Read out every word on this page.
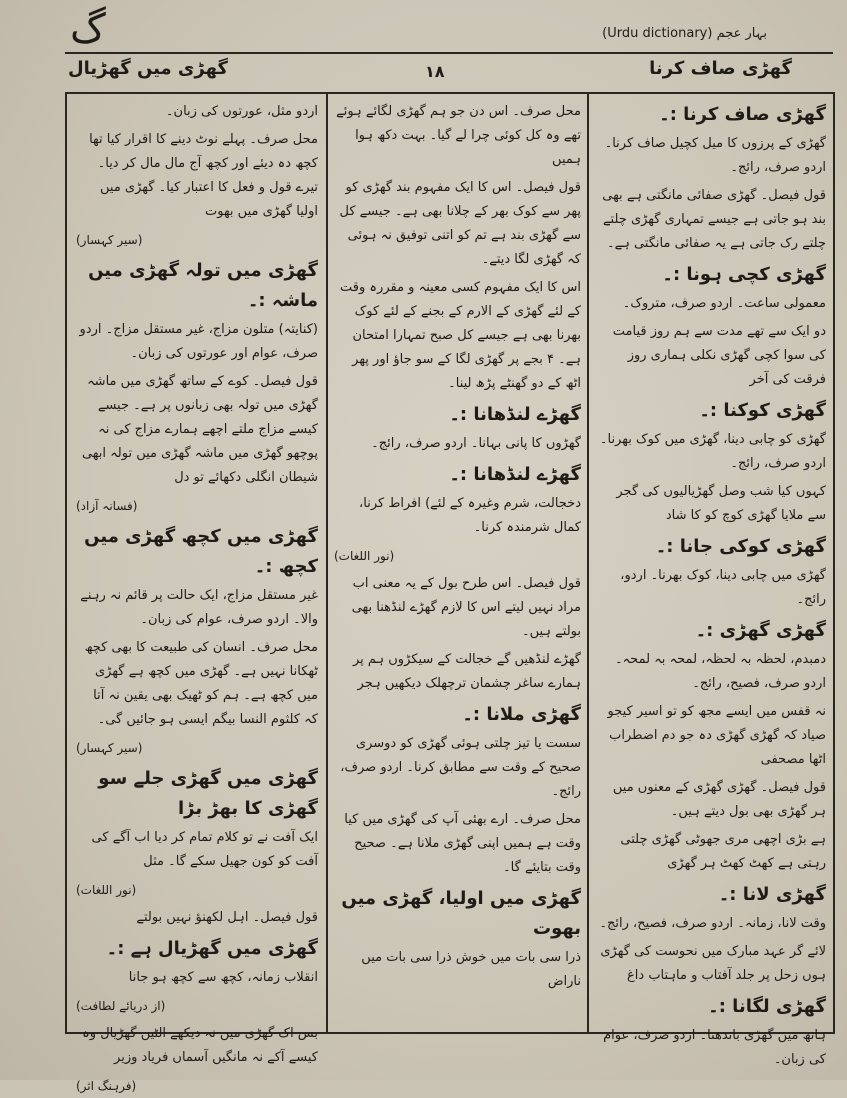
گ	بہار عجم (Urdu dictionary)
گھڑی صاف کرنا
١٨
گھڑی میں گھڑیال

گھڑی صاف کرنا :۔

گھڑی کے پرزوں کا میل کچیل صاف کرنا۔ اردو صرف، رائج۔

قول فیصل۔ گھڑی صفائی مانگتی ہے بھی بند ہو جاتی ہے جیسے تمہاری گھڑی چلتے چلتے رک جاتی ہے یہ صفائی مانگتی ہے۔

گھڑی کچی ہونا :۔

معمولی ساعت۔ اردو صرف، متروک۔

دو ایک سے تھے مدت سے ہم روز قیامت کی سوا کچی گھڑی نکلی ہماری روز فرقت کی آخر

گھڑی کوکنا :۔

گھڑی کو چابی دینا، گھڑی میں کوک بھرنا۔ اردو صرف، رائج۔

کہوں کیا شب وصل گھڑیالیوں کی گجر سے ملایا گھڑی کوچ کو کا شاد

گھڑی کوکی جانا :۔

گھڑی میں چابی دینا، کوک بھرنا۔ اردو، رائج۔

گھڑی گھڑی :۔

دمبدم، لحظہ بہ لحظہ، لمحہ بہ لمحہ۔ اردو صرف، فصیح، رائج۔

نہ قفس میں ایسے مجھ کو تو اسیر کیجو صیاد کہ گھڑی گھڑی دہ جو دم اضطراب اٹھا مصحفی

قول فیصل۔ گھڑی گھڑی کے معنوں میں ہر گھڑی بھی بول دیتے ہیں۔

ہے بڑی اچھی مری جھوٹی گھڑی چلتی رہتی ہے کھٹ کھٹ ہر گھڑی

گھڑی لانا :۔

وقت لانا، زمانہ۔ اردو صرف، فصیح، رائج۔

لائے گر عہد مبارک میں نحوست کی گھڑی ہوں زحل پر جلد آفتاب و ماہتاب داغ

گھڑی لگانا :۔

ہاتھ میں گھڑی باندھنا۔ اردو صرف، عوام کی زبان۔

محل صرف۔ اس دن جو ہم گھڑی لگائے ہوئے تھے وہ کل کوئی چرا لے گیا۔ بہت دکھ ہوا ہمیں

قول فیصل۔ اس کا ایک مفہوم بند گھڑی کو پھر سے کوک بھر کے چلانا بھی ہے۔ جیسے کل سے گھڑی بند ہے تم کو اتنی توفیق نہ ہوئی کہ گھڑی لگا دیتے۔

اس کا ایک مفہوم کسی معینہ و مقررہ وقت کے لئے گھڑی کے الارم کے بجنے کے لئے کوک بھرنا بھی ہے جیسے کل صبح تمہارا امتحان ہے۔ ۴ بجے پر گھڑی لگا کے سو جاؤ اور پھر اٹھ کے دو گھنٹے پڑھ لینا۔

گھڑے لنڈھانا :۔

گھڑوں کا پانی بہانا۔ اردو صرف، رائج۔

گھڑے لنڈھانا :۔

دخجالت، شرم وغیرہ کے لئے) افراط کرنا، کمال شرمندہ کرنا۔

(نور اللغات)

قول فیصل۔ اس طرح بول کے یہ معنی اب مراد نہیں لیتے اس کا لازم گھڑے لنڈھنا بھی بولتے ہیں۔

گھڑے لنڈھیں گے خجالت کے سیکڑوں ہم پر ہمارے ساغر چشمان ترچھلک دیکھیں ہجر

گھڑی ملانا :۔

سست یا تیز چلتی ہوئی گھڑی کو دوسری صحیح کے وقت سے مطابق کرنا۔ اردو صرف، رائج۔

محل صرف۔ ارے بھئی آپ کی گھڑی میں کیا وقت ہے ہمیں اپنی گھڑی ملانا ہے۔ صحیح وقت بتایئے گا۔

گھڑی میں اولیا، گھڑی میں بھوت

ذرا سی بات میں خوش ذرا سی بات میں ناراض

اردو مثل، عورتوں کی زبان۔

محل صرف۔ پہلے نوٹ دینے کا اقرار کیا تھا کچھ دہ دیئے اور کچھ آج مال مال کر دیا۔ تیرے قول و فعل کا اعتبار کیا۔ گھڑی میں اولیا گھڑی میں بھوت

(سیر کہسار)

گھڑی میں تولہ گھڑی میں ماشہ :۔

(کنایتہ) متلون مزاج، غیر مستقل مزاج۔ اردو صرف، عوام اور عورتوں کی زبان۔

قول فیصل۔ کوے کے ساتھ گھڑی میں ماشہ گھڑی میں تولہ بھی زبانوں پر ہے۔ جیسے کیسے مزاج ملتے اچھے ہمارے مزاج کی نہ پوچھو گھڑی میں ماشہ گھڑی میں تولہ ابھی شیطان انگلی دکھائے تو دل

(فسانہ آزاد)

گھڑی میں کچھ گھڑی میں کچھ :۔

غیر مستقل مزاج، ایک حالت پر قائم نہ رہنے والا۔ اردو صرف، عوام کی زبان۔

محل صرف۔ انسان کی طبیعت کا بھی کچھ ٹھکانا نہیں ہے۔ گھڑی میں کچھ ہے گھڑی میں کچھ ہے۔ ہم کو ٹھیک بھی یقین نہ آتا کہ کلثوم النسا بیگم ایسی ہو جائیں گی۔

(سیر کہسار)

گھڑی میں گھڑی جلے سو گھڑی کا بھڑ بڑا

ایک آفت نے تو کلام تمام کر دیا اب آگے کی آفت کو کون جھیل سکے گا۔ مثل

(نور اللغات)

قول فیصل۔ اہل لکھنؤ نہیں بولتے

گھڑی میں گھڑیال ہے :۔

انقلاب زمانہ، کچھ سے کچھ ہو جانا

(از دریائے لطافت)

بس اک گھڑی میں نہ دیکھے الٹیں گھڑیال وہ کیسے آکے نہ مانگیں آسماں فریاد وزیر

(فرہنگ اثر)
